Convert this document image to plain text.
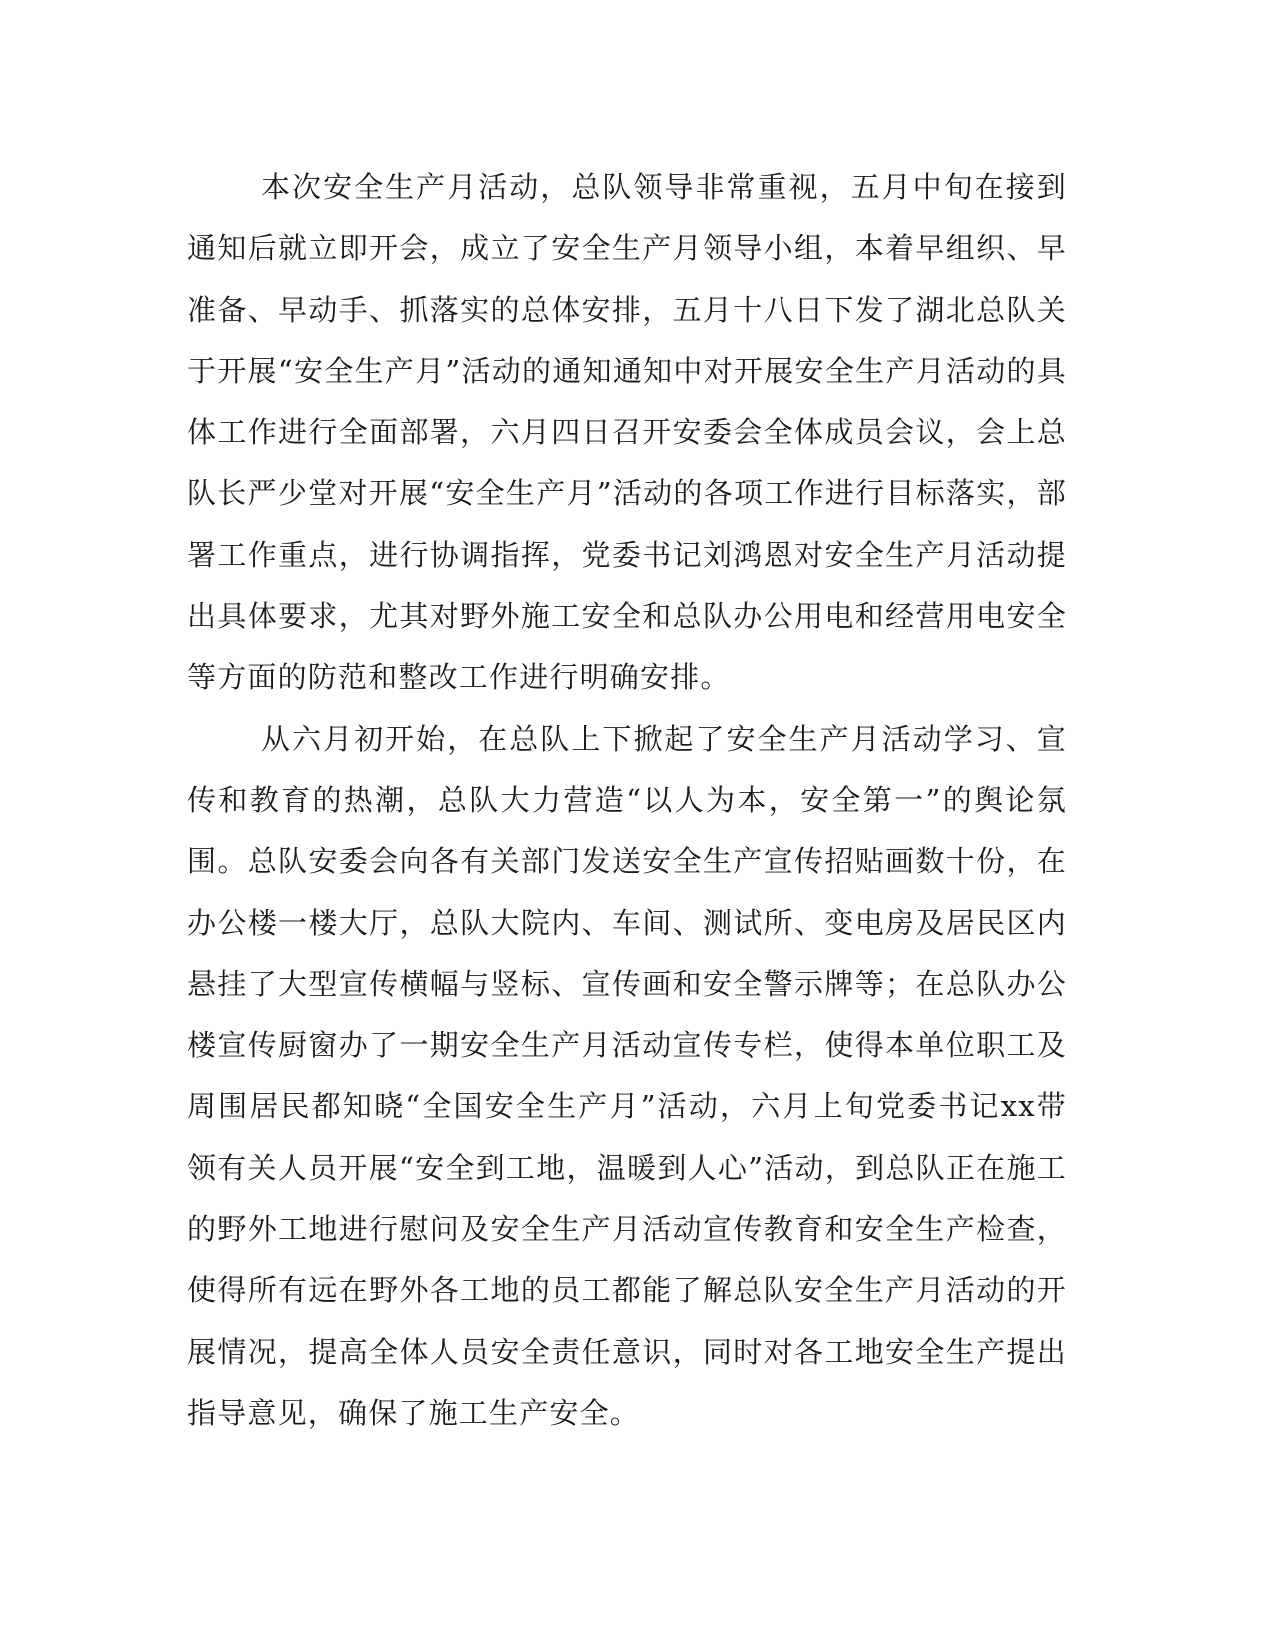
本次安全生产月活动，总队领导非常重视，五月中旬在接到通知后就立即开会，成立了安全生产月领导小组，本着早组织、早准备、早动手、抓落实的总体安排，五月十八日下发了湖北总队关于开展“安全生产月”活动的通知通知中对开展安全生产月活动的具体工作进行全面部署，六月四日召开安委会全体成员会议，会上总队长严少堂对开展“安全生产月”活动的各项工作进行目标落实，部署工作重点，进行协调指挥，党委书记刘鸿恩对安全生产月活动提出具体要求，尤其对野外施工安全和总队办公用电和经营用电安全等方面的防范和整改工作进行明确安排。

从六月初开始，在总队上下掀起了安全生产月活动学习、宣传和教育的热潮，总队大力营造“以人为本，安全第一”的舆论氛围。总队安委会向各有关部门发送安全生产宣传招贴画数十份，在办公楼一楼大厅，总队大院内、车间、测试所、变电房及居民区内悬挂了大型宣传横幅与竖标、宣传画和安全警示牌等；在总队办公楼宣传厨窗办了一期安全生产月活动宣传专栏，使得本单位职工及周围居民都知晓“全国安全生产月”活动，六月上旬党委书记xx带领有关人员开展“安全到工地，温暖到人心”活动，到总队正在施工的野外工地进行慰问及安全生产月活动宣传教育和安全生产检查，使得所有远在野外各工地的员工都能了解总队安全生产月活动的开展情况，提高全体人员安全责任意识，同时对各工地安全生产提出指导意见，确保了施工生产安全。
